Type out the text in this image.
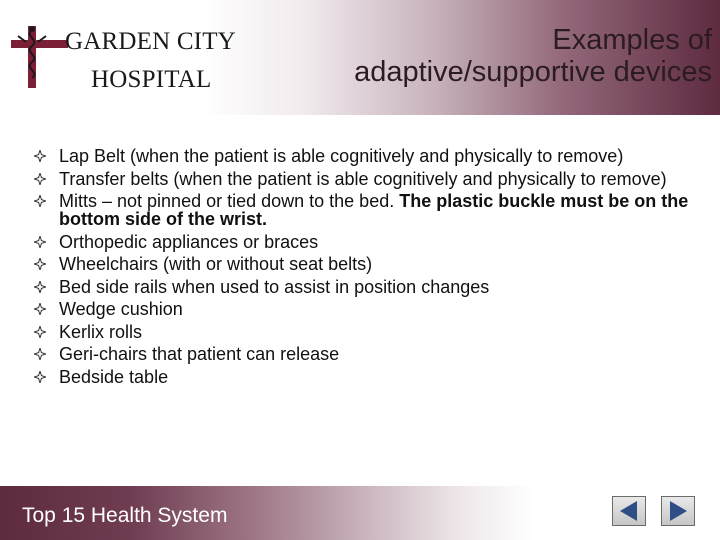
GARDEN CITY
HOSPITAL
Examples of
adaptive/supportive devices
Lap Belt (when the patient is able cognitively and physically to remove)
Transfer belts (when the patient is able cognitively and physically to remove)
Mitts – not pinned or tied down to the bed. The plastic buckle must be on the bottom side of the wrist.
Orthopedic appliances or braces
Wheelchairs (with or without seat belts)
Bed side rails when used to assist in position changes
Wedge cushion
Kerlix rolls
Geri-chairs that patient can release
Bedside table
Top 15 Health System
